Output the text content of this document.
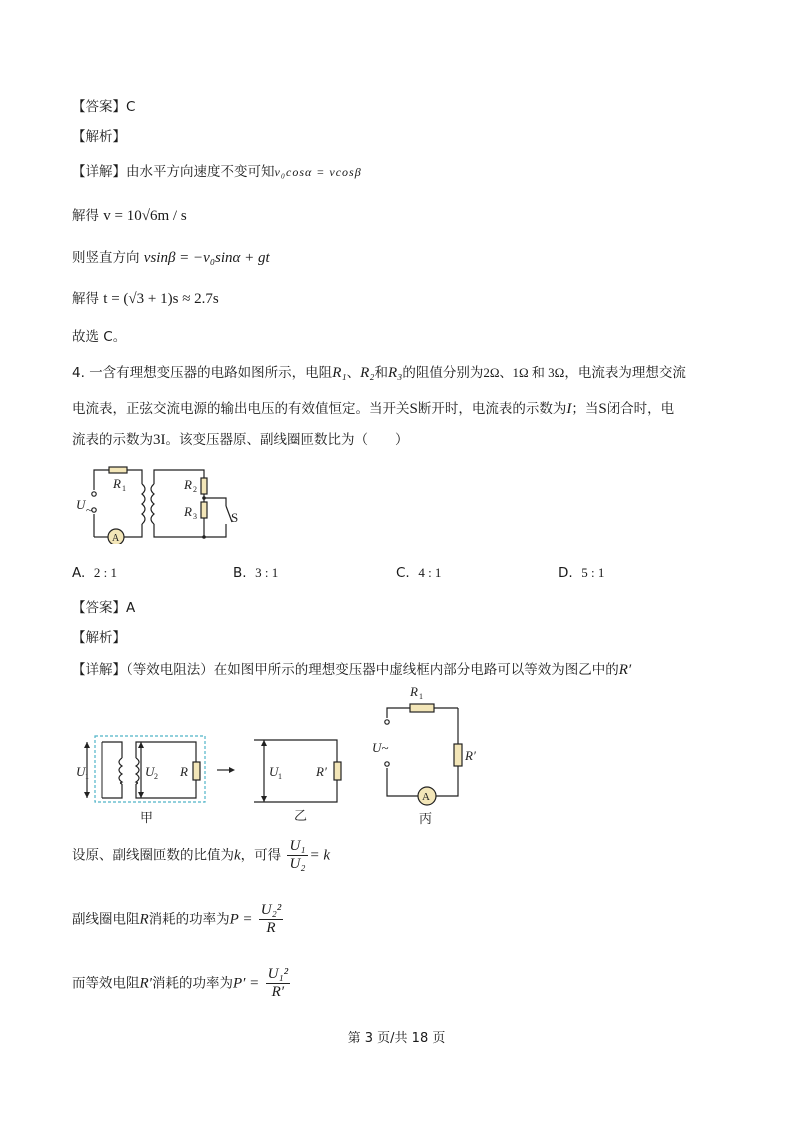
【答案】C
【解析】
【详解】由水平方向速度不变可知v₀cosα = vcosβ
解得 v = 10√6m / s
则竖直方向 vsinβ = −v₀sinα + gt
解得 t = (√3 + 1)s ≈ 2.7s
故选 C。
4. 一含有理想变压器的电路如图所示，电阻R₁、R₂和R₃的阻值分别为2Ω、1Ω 和 3Ω，电流表为理想交流
电流表，正弦交流电源的输出电压的有效值恒定。当开关S断开时，电流表的示数为I；当S闭合时，电
流表的示数为3I。该变压器原、副线圈匝数比为（　　）
U ~
R 1	R 2
R 3	S
A
A. 2 : 1	B. 3 : 1	C. 4 : 1	D. 5 : 1
【答案】A
【解析】
【详解】（等效电阻法）在如图甲所示的理想变压器中虚线框内部分电路可以等效为图乙中的R′
U 1	U 2 R
甲
U 1	R′
乙
R 1
U~
R′
A
丙
设原、副线圈匝数的比值为k，可得 $\frac{\text{U₁}}{\text{U₂}} = k$
副线圈电阻R消耗的功率为$P = \frac{\text{U₂²}}{R}$
而等效电阻R′消耗的功率为$P' = \frac{\text{U₁²}}{R'}$
第 3 页/共 18 页
